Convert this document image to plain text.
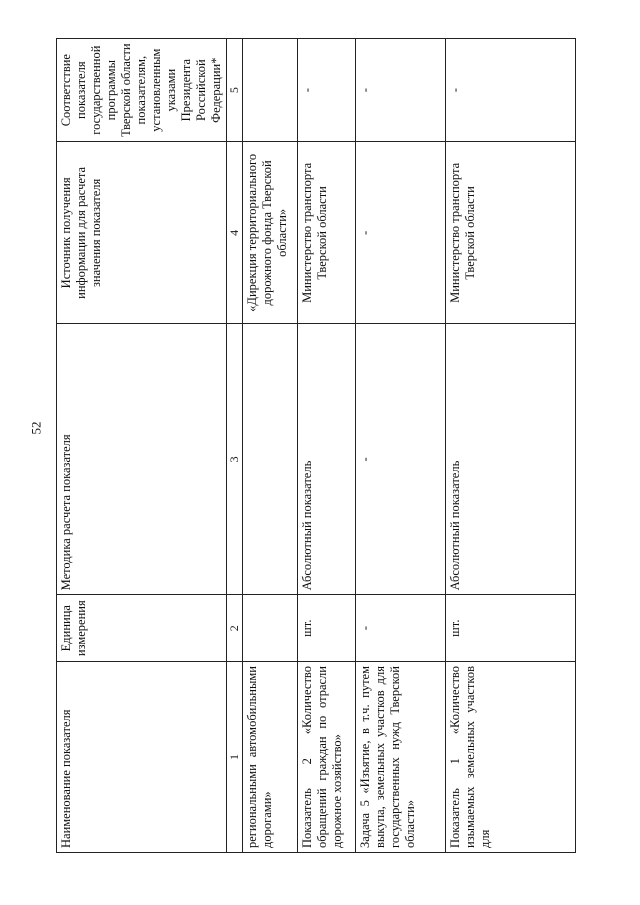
52
Наименование показателя	Единица измерения	Методика расчета показателя	Источник получения информации для расчета значения показателя	Соответствие показателя государственной программы Тверской области показателям, установленным указами Президента Российской Федерации*
1	2	3	4	5
региональными автомобильными дорогами»			«Дирекция территориального дорожного фонда Тверской области»	
Показатель 2 «Количество обращений граждан по отрасли дорожное хозяйство»	шт.	Абсолютный показатель	Министерство транспорта Тверской области	-
Задача 5 «Изъятие, в т.ч. путем выкупа, земельных участков для государственных нужд Тверской области»	-	-	-	-
Показатель 1 «Количество изымаемых земельных участков для	шт.	Абсолютный показатель	Министерство транспорта Тверской области	-
